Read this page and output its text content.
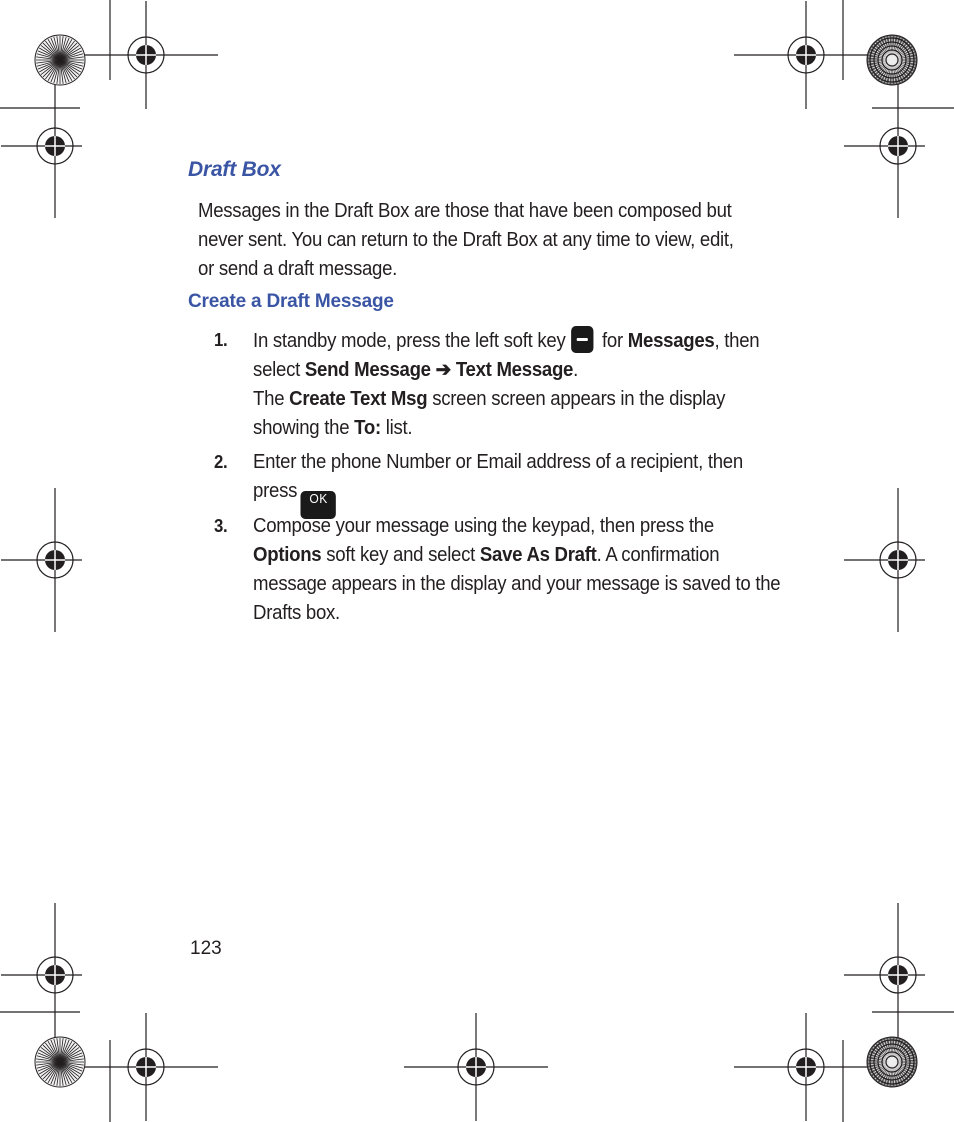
Draft Box

Messages in the Draft Box are those that have been composed but never sent. You can return to the Draft Box at any time to view, edit, or send a draft message.

Create a Draft Message
1. In standby mode, press the left soft key for Messages, then select Send Message ➔ Text Message.
The Create Text Msg screen screen appears in the display showing the To: list.
2. Enter the phone Number or Email address of a recipient, then press OK
3. Compose your message using the keypad, then press the Options soft key and select Save As Draft. A confirmation message appears in the display and your message is saved to the Drafts box.

123
